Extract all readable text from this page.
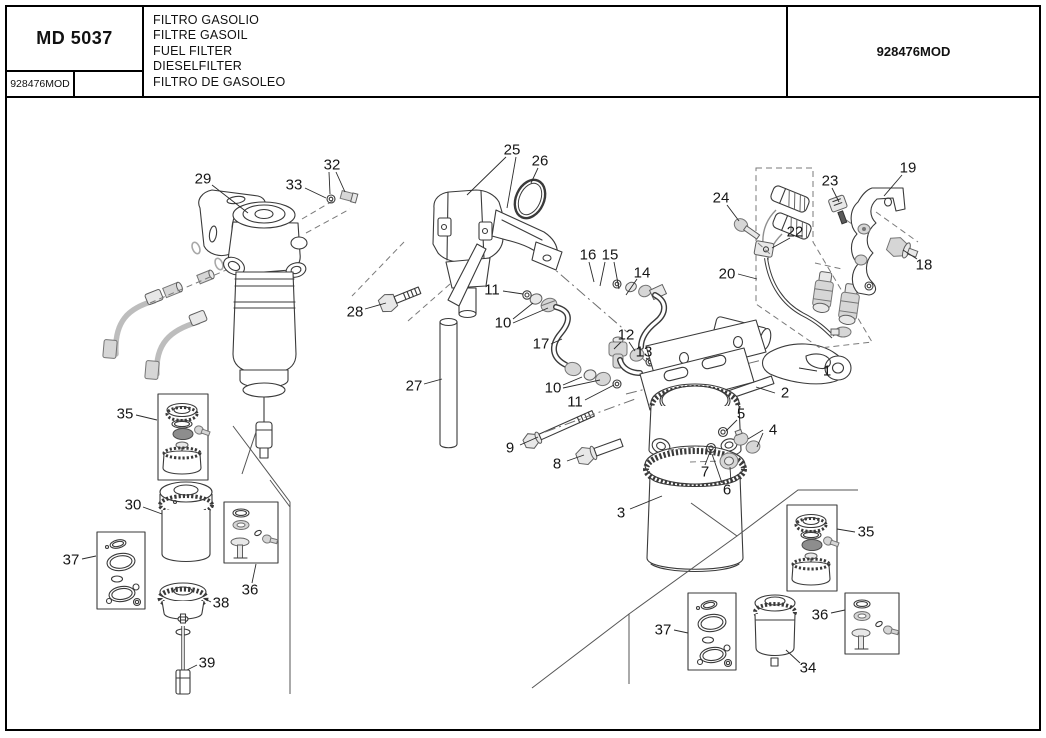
MD 5037
928476MOD
FILTRO GASOLIO
FILTRE GASOIL
FUEL FILTER
DIESELFILTER
FILTRO DE GASOLEO
928476MOD
1
2
3
4
5
6
7
8
9
10
11
10
11
12
13
14
15
16
17
18
19
20
22
23
24
25
26
27
28
29
30
32
33
34
35
35
36
36
37
37
38
39
